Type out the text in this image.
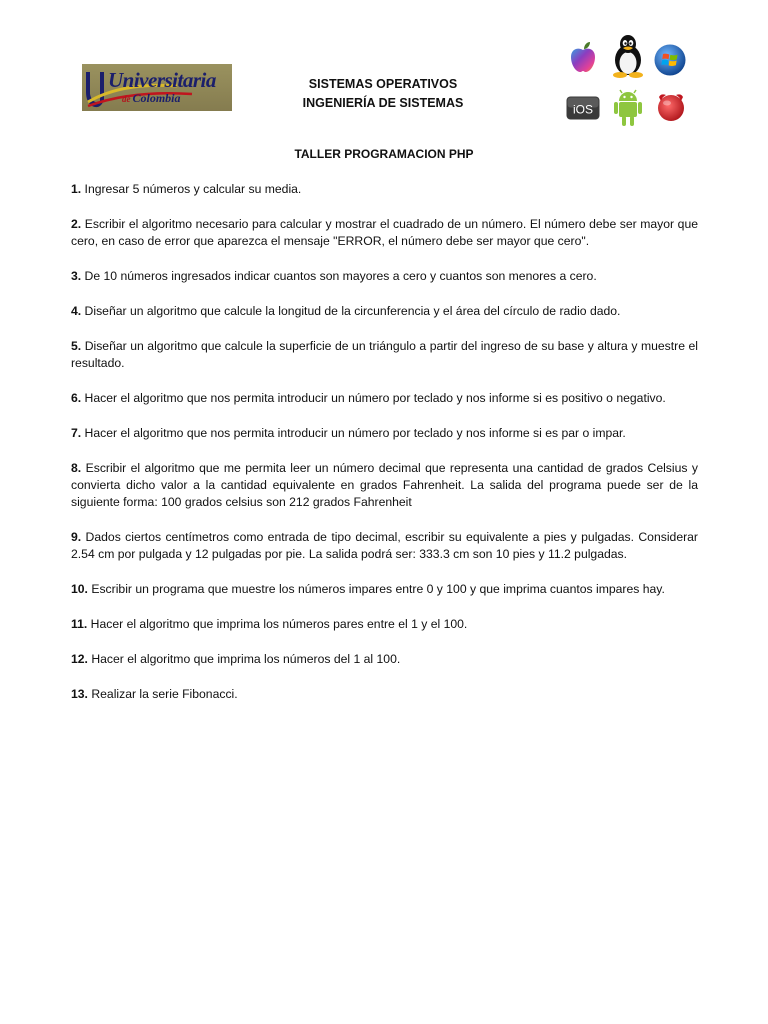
Universitaria
de Colombia
SISTEMAS OPERATIVOS
INGENIERÍA DE SISTEMAS	iOS
TALLER PROGRAMACION PHP
1. Ingresar 5 números y calcular su media.
2. Escribir el algoritmo necesario para calcular y mostrar el cuadrado de un número. El número debe ser mayor que cero, en caso de error que aparezca el mensaje "ERROR, el número debe ser mayor que cero".
3. De 10 números ingresados indicar cuantos son mayores a cero y cuantos son menores a cero.
4. Diseñar un algoritmo que calcule la longitud de la circunferencia y el área del círculo de radio dado.
5. Diseñar un algoritmo que calcule la superficie de un triángulo a partir del ingreso de su base y altura y muestre el resultado.
6. Hacer el algoritmo que nos permita introducir un número por teclado y nos informe si es positivo o negativo.
7. Hacer el algoritmo que nos permita introducir un número por teclado y nos informe si es par o impar.
8. Escribir el algoritmo que me permita leer un número decimal que representa una cantidad de grados Celsius y convierta dicho valor a la cantidad equivalente en grados Fahrenheit. La salida del programa puede ser de la siguiente forma: 100 grados celsius son 212 grados Fahrenheit
9. Dados ciertos centímetros como entrada de tipo decimal, escribir su equivalente a pies y pulgadas. Considerar 2.54 cm por pulgada y 12 pulgadas por pie. La salida podrá ser: 333.3 cm son 10 pies y 11.2 pulgadas.
10. Escribir un programa que muestre los números impares entre 0 y 100 y que imprima cuantos impares hay.
11. Hacer el algoritmo que imprima los números pares entre el 1 y el 100.
12. Hacer el algoritmo que imprima los números del 1 al 100.
13. Realizar la serie Fibonacci.
